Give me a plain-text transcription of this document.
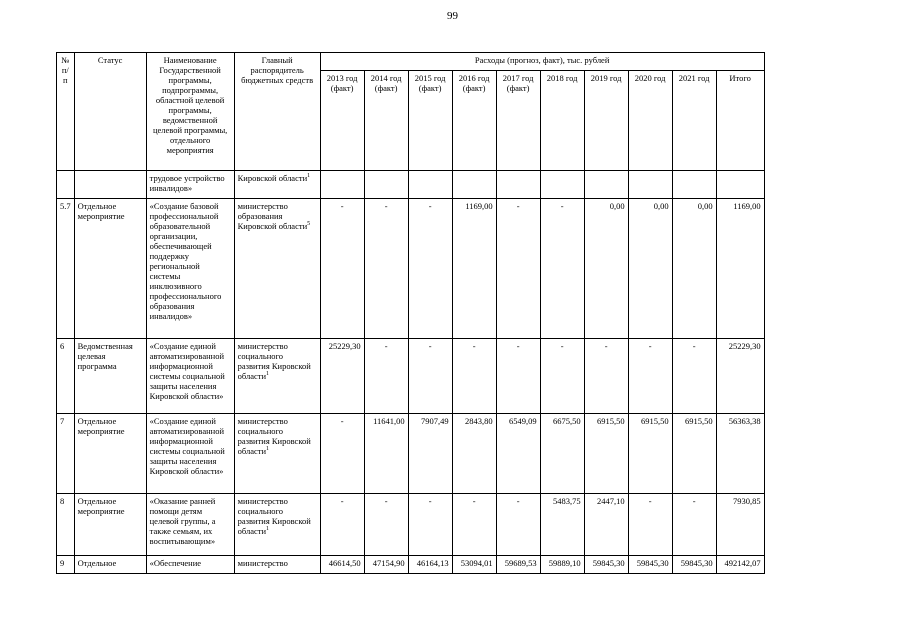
99
№ п/п	Статус	Наименование Государственной программы, подпрограммы, областной целевой программы, ведомственной целевой программы, отдельного мероприятия	Главный распорядитель бюджетных средств	Расходы (прогноз, факт), тыс. рублей									
				2013 год (факт)	2014 год (факт)	2015 год (факт)	2016 год (факт)	2017 год (факт)	2018 год	2019 год	2020 год	2021 год	Итого
		трудовое устройство инвалидов»	Кировской области$^1$										
5.7	Отдельное мероприятие	«Создание базовой профессиональной образовательной организации, обеспечивающей поддержку региональной системы инклюзивного профессионального образования инвалидов»	министерство образования Кировской области$^5$	-	-	-	1169,00	-	-	0,00	0,00	0,00	1169,00
6	Ведомственная целевая программа	«Создание единой автоматизированной информационной системы социальной защиты населения Кировской области»	министерство социального развития Кировской области$^1$	25229,30	-	-	-	-	-	-	-	-	25229,30
7	Отдельное мероприятие	«Создание единой автоматизированной информационной системы социальной защиты населения Кировской области»	министерство социального развития Кировской области$^1$	-	11641,00	7907,49	2843,80	6549,09	6675,50	6915,50	6915,50	6915,50	56363,38
8	Отдельное мероприятие	«Оказание ранней помощи детям целевой группы, а также семьям, их воспитывающим»	министерство социального развития Кировской области$^1$	-	-	-	-	-	5483,75	2447,10	-	-	7930,85
9	Отдельное	«Обеспечение	министерство	46614,50	47154,90	46164,13	53094,01	59689,53	59889,10	59845,30	59845,30	59845,30	492142,07
